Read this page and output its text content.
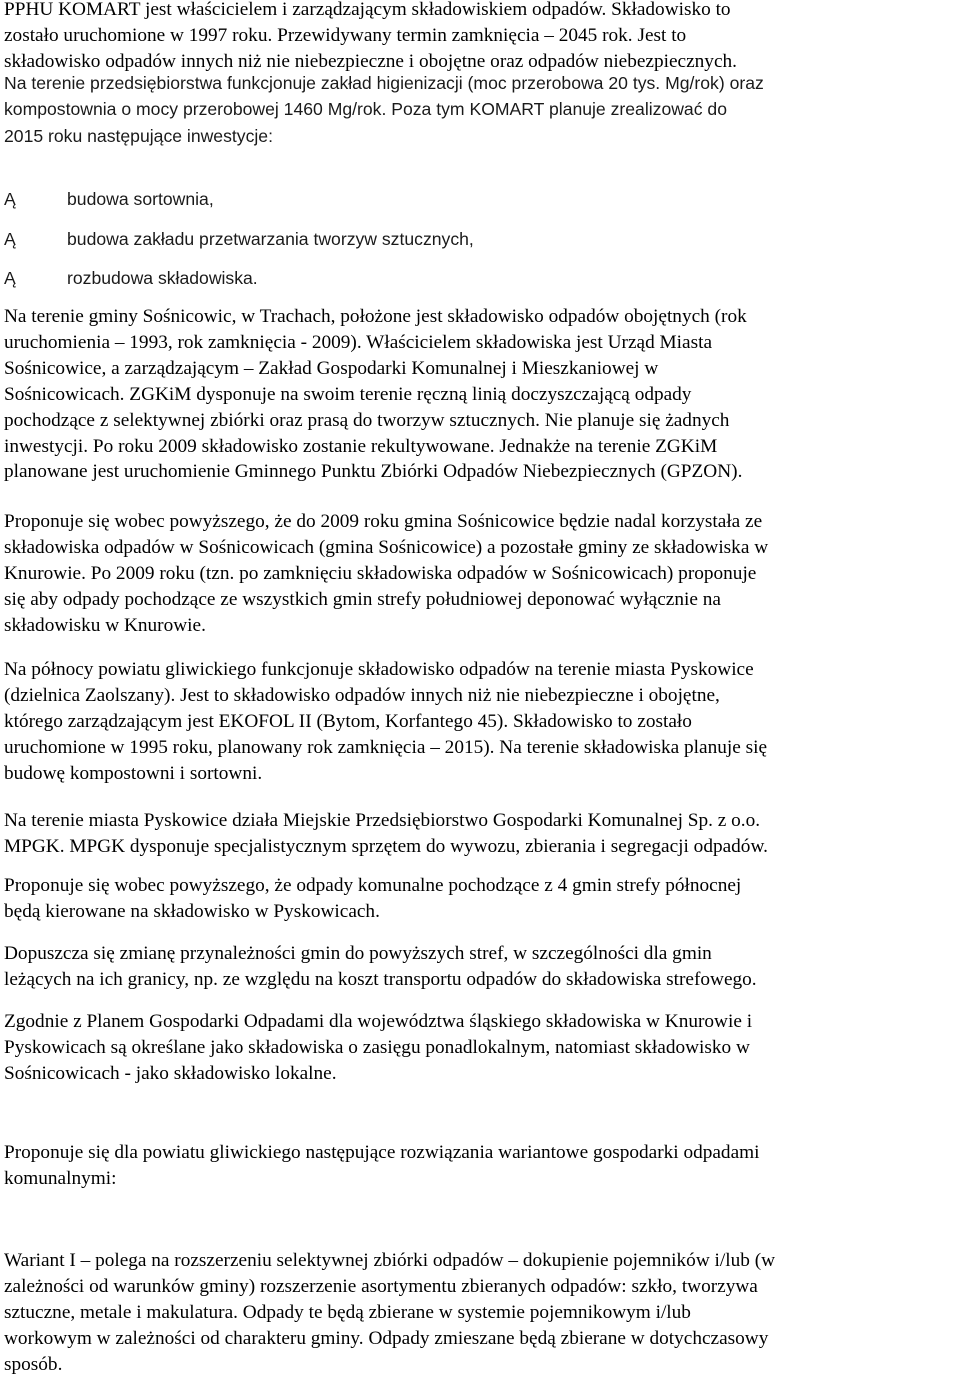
PPHU KOMART jest właścicielem i zarządzającym składowiskiem odpadów. Składowisko to
zostało uruchomione w 1997 roku. Przewidywany termin zamknięcia – 2045 rok. Jest to
składowisko odpadów innych niż nie niebezpieczne i obojętne oraz odpadów niebezpiecznych.

Na terenie przedsiębiorstwa funkcjonuje zakład higienizacji (moc przerobowa 20 tys. Mg/rok) oraz
kompostownia o mocy przerobowej 1460 Mg/rok. Poza tym KOMART planuje zrealizować do
2015 roku następujące inwestycje:

Ą	budowa sortownia,
Ą	budowa zakładu przetwarzania tworzyw sztucznych,
Ą	rozbudowa składowiska.

Na terenie gminy Sośnicowic, w Trachach, położone jest składowisko odpadów obojętnych (rok
uruchomienia – 1993, rok zamknięcia - 2009). Właścicielem składowiska jest Urząd Miasta
Sośnicowice, a zarządzającym – Zakład Gospodarki Komunalnej i Mieszkaniowej w
Sośnicowicach. ZGKiM dysponuje na swoim terenie ręczną linią doczyszczającą odpady
pochodzące z selektywnej zbiórki oraz prasą do tworzyw sztucznych. Nie planuje się żadnych
inwestycji. Po roku 2009 składowisko zostanie rekultywowane. Jednakże na terenie ZGKiM
planowane jest uruchomienie Gminnego Punktu Zbiórki Odpadów Niebezpiecznych (GPZON).

Proponuje się wobec powyższego, że do 2009 roku gmina Sośnicowice będzie nadal korzystała ze
składowiska odpadów w Sośnicowicach (gmina Sośnicowice) a pozostałe gminy ze składowiska w
Knurowie. Po 2009 roku (tzn. po zamknięciu składowiska odpadów w Sośnicowicach) proponuje
się aby odpady pochodzące ze wszystkich gmin strefy południowej deponować wyłącznie na
składowisku w Knurowie.

Na północy powiatu gliwickiego funkcjonuje składowisko odpadów na terenie miasta Pyskowice
(dzielnica Zaolszany). Jest to składowisko odpadów innych niż nie niebezpieczne i obojętne,
którego zarządzającym jest EKOFOL II (Bytom, Korfantego 45). Składowisko to zostało
uruchomione w 1995 roku, planowany rok zamknięcia – 2015). Na terenie składowiska planuje się
budowę kompostowni i sortowni.

Na terenie miasta Pyskowice działa Miejskie Przedsiębiorstwo Gospodarki Komunalnej Sp. z o.o.
MPGK. MPGK dysponuje specjalistycznym sprzętem do wywozu, zbierania i segregacji odpadów.

Proponuje się wobec powyższego, że odpady komunalne pochodzące z 4 gmin strefy północnej
będą kierowane na składowisko w Pyskowicach.

Dopuszcza się zmianę przynależności gmin do powyższych stref, w szczególności dla gmin
leżących na ich granicy, np. ze względu na koszt transportu odpadów do składowiska strefowego.

Zgodnie z Planem Gospodarki Odpadami dla województwa śląskiego składowiska w Knurowie i
Pyskowicach są określane jako składowiska o zasięgu ponadlokalnym, natomiast składowisko w
Sośnicowicach - jako składowisko lokalne.

Proponuje się dla powiatu gliwickiego następujące rozwiązania wariantowe gospodarki odpadami
komunalnymi:

Wariant I – polega na rozszerzeniu selektywnej zbiórki odpadów – dokupienie pojemników i/lub (w
zależności od warunków gminy) rozszerzenie asortymentu zbieranych odpadów: szkło, tworzywa
sztuczne, metale i makulatura. Odpady te będą zbierane w systemie pojemnikowym i/lub
workowym w zależności od charakteru gminy. Odpady zmieszane będą zbierane w dotychczasowy
sposób.
